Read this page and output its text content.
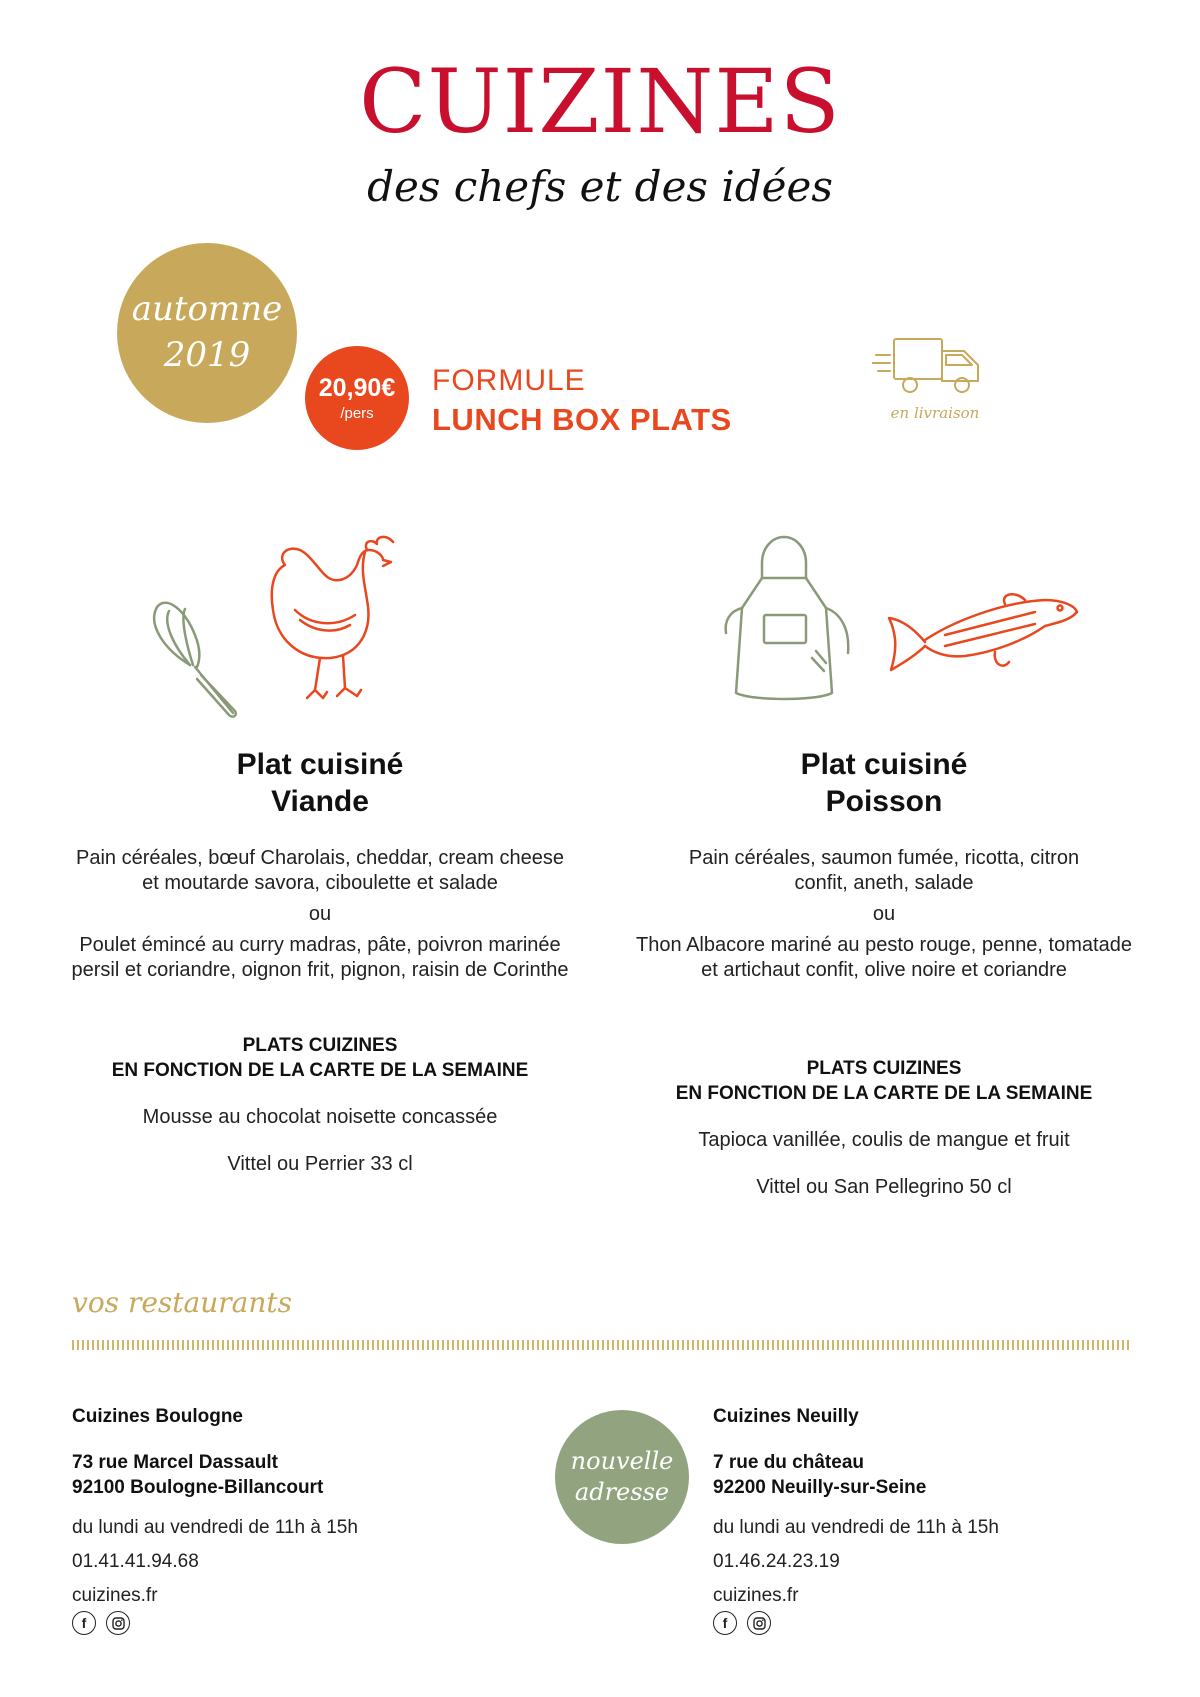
CUIZINES
des chefs et des idées
automne
2019
20,90€
/pers
FORMULE
LUNCH BOX PLATS	en livraison
Plat cuisiné
Viande

Pain céréales, bœuf Charolais, cheddar, cream cheese et moutarde savora, ciboulette et salade

ou

Poulet émincé au curry madras, pâte, poivron marinée persil et coriandre, oignon frit, pignon, raisin de Corinthe

PLATS CUIZINES

EN FONCTION DE LA CARTE DE LA SEMAINE

Mousse au chocolat noisette concassée

Vittel ou Perrier 33 cl

Plat cuisiné
Poisson

Pain céréales, saumon fumée, ricotta, citron confit, aneth, salade

ou

Thon Albacore mariné au pesto rouge, penne, tomatade et artichaut confit, olive noire et coriandre

PLATS CUIZINES

EN FONCTION DE LA CARTE DE LA SEMAINE

Tapioca vanillée, coulis de mangue et fruit

Vittel ou San Pellegrino 50 cl

vos restaurants
Cuizines Boulogne
73 rue Marcel Dassault
92100 Boulogne-Billancourt
du lundi au vendredi de 11h à 15h
01.41.41.94.68
cuizines.fr
f
nouvelle
adresse
Cuizines Neuilly
7 rue du château
92200 Neuilly-sur-Seine
du lundi au vendredi de 11h à 15h
01.46.24.23.19
cuizines.fr
f
